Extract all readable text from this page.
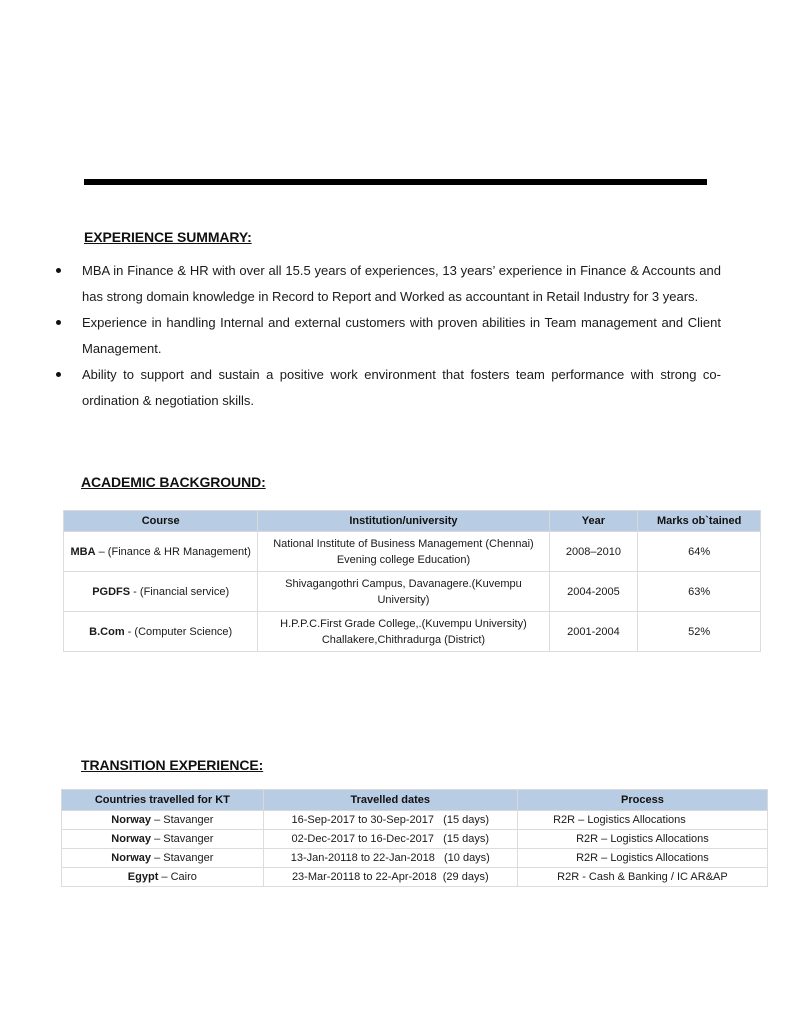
EXPERIENCE SUMMARY:
MBA in Finance & HR with over all 15.5 years of experiences, 13 years’ experience in Finance & Accounts and has strong domain knowledge in Record to Report and Worked as accountant in Retail Industry for 3 years.
Experience in handling Internal and external customers with proven abilities in Team management and Client Management.
Ability to support and sustain a positive work environment that fosters team performance with strong co-ordination & negotiation skills.
ACADEMIC BACKGROUND:
Course	Institution/university	Year	Marks ob`tained
MBA – (Finance & HR Management)	National Institute of Business Management (Chennai) Evening college Education)	2008–2010	64%
PGDFS - (Financial service)	Shivagangothri Campus, Davanagere.(Kuvempu University)	2004-2005	63%
B.Com - (Computer Science)	H.P.P.C.First Grade College,.(Kuvempu University) Challakere,Chithradurga (District)	2001-2004	52%
TRANSITION EXPERIENCE:
Countries travelled for KT	Travelled dates	Process
Norway – Stavanger	16-Sep-2017 to 30-Sep-2017   (15 days)	R2R – Logistics Allocations
Norway – Stavanger	02-Dec-2017 to 16-Dec-2017   (15 days)	R2R – Logistics Allocations
Norway – Stavanger	13-Jan-20118 to 22-Jan-2018   (10 days)	R2R – Logistics Allocations
Egypt – Cairo	23-Mar-20118 to 22-Apr-2018  (29 days)	R2R - Cash & Banking / IC AR&AP
